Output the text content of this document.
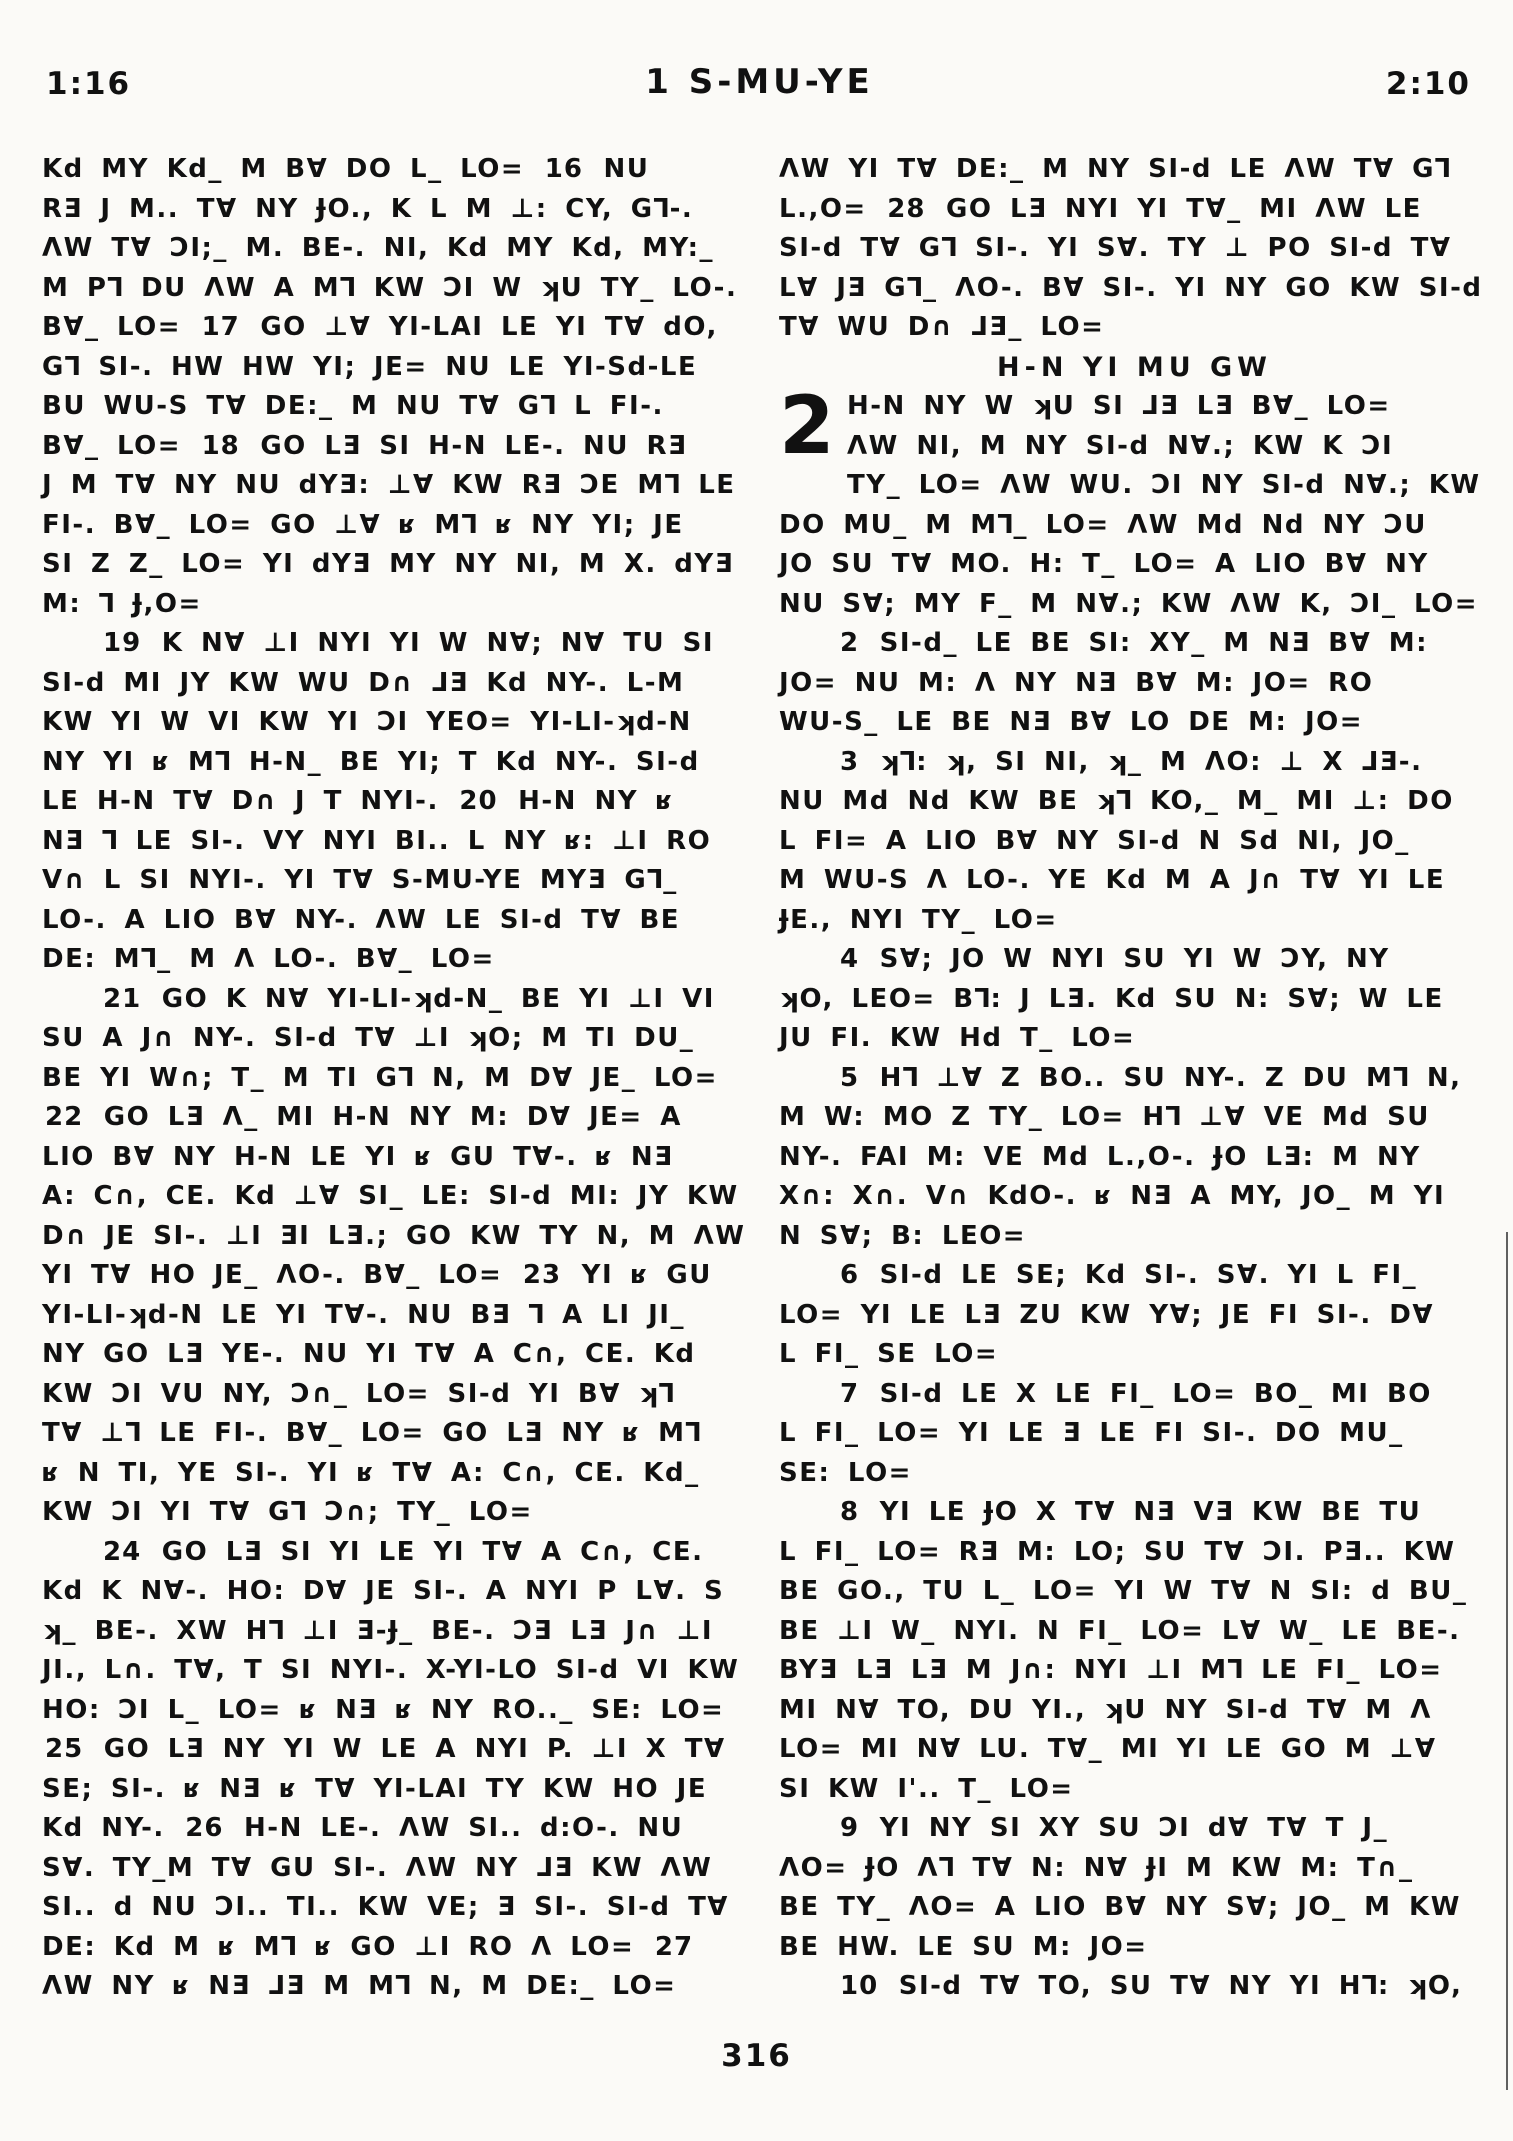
1:16	1 S-MU-YE	2:10
Kd MY Kd_ M B∀ DO L_ LO= 16 NU
RƎ J M.. T∀ NY ɈO., K L M ⊥: CY, G⅂-.
ΛW T∀ ƆI;_ M. BE-. NI, Kd MY Kd, MY:_
M P⅂ DU ΛW A M⅂ KW ƆI W ʞU TY_ LO-.
B∀_ LO= 17 GO ⊥∀ YI-LAI LE YI T∀ dO,
G⅂ SI-. HW HW YI; JE= NU LE YI-Sd-LE
BU WU-S T∀ DE:_ M NU T∀ G⅂ L FI-.
B∀_ LO= 18 GO LƎ SI H-N LE-. NU RƎ
J M T∀ NY NU dYƎ: ⊥∀ KW RƎ ƆE M⅂ LE
FI-. B∀_ LO= GO ⊥∀ ʁ M⅂ ʁ NY YI; JE
SI Z Z_ LO= YI dYƎ MY NY NI, M X. dYƎ
M: ⅂ Ɉ,O=
19 K N∀ ⊥I NYI YI W N∀; N∀ TU SI
SI-d MI JY KW WU D∩ ⅃Ǝ Kd NY-. L-M
KW YI W VI KW YI ƆI YEO= YI-LI-ʞd-N
NY YI ʁ M⅂ H-N_ BE YI; T Kd NY-. SI-d
LE H-N T∀ D∩ J T NYI-. 20 H-N NY ʁ
NƎ ⅂ LE SI-. VY NYI BI.. L NY ʁ: ⊥I RO
V∩ L SI NYI-. YI T∀ S-MU-YE MYƎ G⅂_
LO-. A LIO B∀ NY-. ΛW LE SI-d T∀ BE
DE: M⅂_ M Λ LO-. B∀_ LO=
21 GO K N∀ YI-LI-ʞd-N_ BE YI ⊥I VI
SU A J∩ NY-. SI-d T∀ ⊥I ʞO; M TI DU_
BE YI W∩; T_ M TI G⅂ N, M D∀ JE_ LO=
22 GO LƎ Λ_ MI H-N NY M: D∀ JE= A
LIO B∀ NY H-N LE YI ʁ GU T∀-. ʁ NƎ
A: C∩, CE. Kd ⊥∀ SI_ LE: SI-d MI: JY KW
D∩ JE SI-. ⊥I ƎI LƎ.; GO KW TY N, M ΛW
YI T∀ HO JE_ ΛO-. B∀_ LO= 23 YI ʁ GU
YI-LI-ʞd-N LE YI T∀-. NU BƎ ⅂ A LI JI_
NY GO LƎ YE-. NU YI T∀ A C∩, CE. Kd
KW ƆI VU NY, Ɔ∩_ LO= SI-d YI B∀ ʞ⅂
T∀ ⊥⅂ LE FI-. B∀_ LO= GO LƎ NY ʁ M⅂
ʁ N TI, YE SI-. YI ʁ T∀ A: C∩, CE. Kd_
KW ƆI YI T∀ G⅂ Ɔ∩; TY_ LO=
24 GO LƎ SI YI LE YI T∀ A C∩, CE.
Kd K N∀-. HO: D∀ JE SI-. A NYI P L∀. S
ʞ_ BE-. XW H⅂ ⊥I Ǝ-Ɉ_ BE-. ƆƎ LƎ J∩ ⊥I
JI., L∩. T∀, T SI NYI-. X-YI-LO SI-d VI KW
HO: ƆI L_ LO= ʁ NƎ ʁ NY RO.._ SE: LO=
25 GO LƎ NY YI W LE A NYI P. ⊥I X T∀
SE; SI-. ʁ NƎ ʁ T∀ YI-LAI TY KW HO JE
Kd NY-. 26 H-N LE-. ΛW SI.. d:O-. NU
S∀. TY_M T∀ GU SI-. ΛW NY ⅃Ǝ KW ΛW
SI.. d NU ƆI.. TI.. KW VE; Ǝ SI-. SI-d T∀
DE: Kd M ʁ M⅂ ʁ GO ⊥I RO Λ LO= 27
ΛW NY ʁ NƎ ⅃Ǝ M M⅂ N, M DE:_ LO=
ΛW YI T∀ DE:_ M NY SI-d LE ΛW T∀ G⅂
L.,O= 28 GO LƎ NYI YI T∀_ MI ΛW LE
SI-d T∀ G⅂ SI-. YI S∀. TY ⊥ PO SI-d T∀
L∀ JƎ G⅂_ ΛO-. B∀ SI-. YI NY GO KW SI-d
T∀ WU D∩ ⅃Ǝ_ LO=
H-N YI MU GW
2 H-N NY W ʞU SI ⅃Ǝ LƎ B∀_ LO=
ΛW NI, M NY SI-d N∀.; KW K ƆI
TY_ LO= ΛW WU. ƆI NY SI-d N∀.; KW
DO MU_ M M⅂_ LO= ΛW Md Nd NY ƆU
JO SU T∀ MO. H: T_ LO= A LIO B∀ NY
NU S∀; MY F_ M N∀.; KW ΛW K, ƆI_ LO=
2 SI-d_ LE BE SI: XY_ M NƎ B∀ M:
JO= NU M: Λ NY NƎ B∀ M: JO= RO
WU-S_ LE BE NƎ B∀ LO DE M: JO=
3 ʞ⅂: ʞ, SI NI, ʞ_ M ΛO: ⊥ X ⅃Ǝ-.
NU Md Nd KW BE ʞ⅂ KO,_ M_ MI ⊥: DO
L FI= A LIO B∀ NY SI-d N Sd NI, JO_
M WU-S Λ LO-. YE Kd M A J∩ T∀ YI LE
ɈE., NYI TY_ LO=
4 S∀; JO W NYI SU YI W ƆY, NY
ʞO, LEO= B⅂: J LƎ. Kd SU N: S∀; W LE
JU FI. KW Hd T_ LO=
5 H⅂ ⊥∀ Z BO.. SU NY-. Z DU M⅂ N,
M W: MO Z TY_ LO= H⅂ ⊥∀ VE Md SU
NY-. FAI M: VE Md L.,O-. ɈO LƎ: M NY
X∩: X∩. V∩ KdO-. ʁ NƎ A MY, JO_ M YI
N S∀; B: LEO=
6 SI-d LE SE; Kd SI-. S∀. YI L FI_
LO= YI LE LƎ ZU KW Y∀; JE FI SI-. D∀
L FI_ SE LO=
7 SI-d LE X LE FI_ LO= BO_ MI BO
L FI_ LO= YI LE Ǝ LE FI SI-. DO MU_
SE: LO=
8 YI LE ɈO X T∀ NƎ VƎ KW BE TU
L FI_ LO= RƎ M: LO; SU T∀ ƆI. PƎ.. KW
BE GO., TU L_ LO= YI W T∀ N SI: d BU_
BE ⊥I W_ NYI. N FI_ LO= L∀ W_ LE BE-.
BYƎ LƎ LƎ M J∩: NYI ⊥I M⅂ LE FI_ LO=
MI N∀ TO, DU YI., ʞU NY SI-d T∀ M Λ
LO= MI N∀ LU. T∀_ MI YI LE GO M ⊥∀
SI KW I'.. T_ LO=
9 YI NY SI XY SU ƆI d∀ T∀ T J_
ΛO= ɈO Λ⅂ T∀ N: N∀ ɈI M KW M: T∩_
BE TY_ ΛO= A LIO B∀ NY S∀; JO_ M KW
BE HW. LE SU M: JO=
10 SI-d T∀ TO, SU T∀ NY YI H⅂: ʞO,
316
